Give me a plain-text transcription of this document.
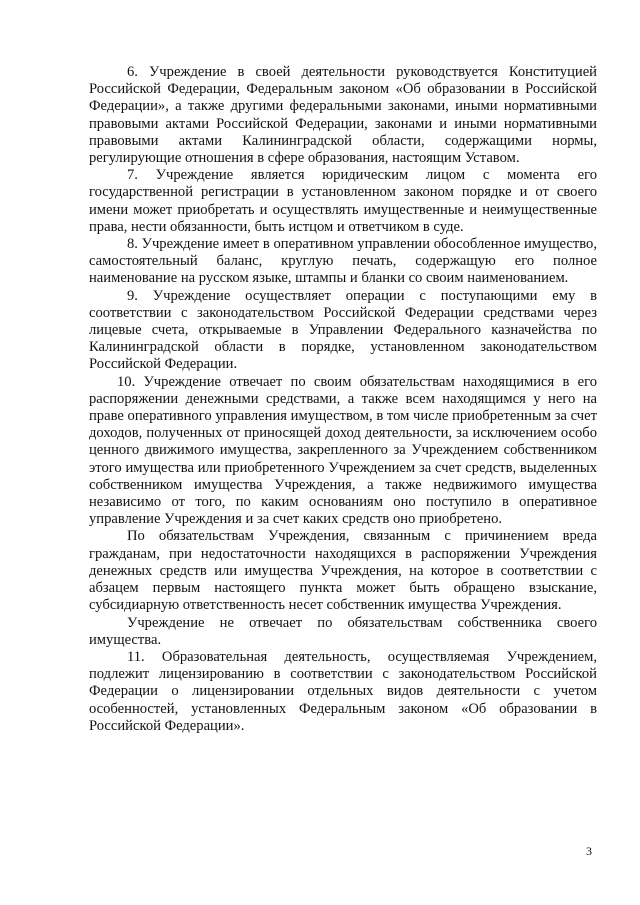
6. Учреждение в своей деятельности руководствуется Конституцией Российской Федерации, Федеральным законом «Об образовании в Российской Федерации», а также другими федеральными законами, иными нормативными правовыми актами Российской Федерации, законами и иными нормативными правовыми актами Калининградской области, содержащими нормы, регулирующие отношения в сфере образования, настоящим Уставом.

7. Учреждение является юридическим лицом с момента его государственной регистрации в установленном законом порядке и от своего имени может приобретать и осуществлять имущественные и неимущественные права, нести обязанности, быть истцом и ответчиком в суде.

8. Учреждение имеет в оперативном управлении обособленное имущество, самостоятельный баланс, круглую печать, содержащую его полное наименование на русском языке, штампы и бланки со своим наименованием.

9. Учреждение осуществляет операции с поступающими ему в соответствии с законодательством Российской Федерации средствами через лицевые счета, открываемые в Управлении Федерального казначейства по Калининградской области в порядке, установленном законодательством Российской Федерации.

10. Учреждение отвечает по своим обязательствам находящимися в его распоряжении денежными средствами, а также всем находящимся у него на праве оперативного управления имуществом, в том числе приобретенным за счет доходов, полученных от приносящей доход деятельности, за исключением особо ценного движимого имущества, закрепленного за Учреждением собственником этого имущества или приобретенного Учреждением за счет средств, выделенных собственником имущества Учреждения, а также недвижимого имущества независимо от того, по каким основаниям оно поступило в оперативное управление Учреждения и за счет каких средств оно приобретено.

По обязательствам Учреждения, связанным с причинением вреда гражданам, при недостаточности находящихся в распоряжении Учреждения денежных средств или имущества Учреждения, на которое в соответствии с абзацем первым настоящего пункта может быть обращено взыскание, субсидиарную ответственность несет собственник имущества Учреждения.

Учреждение не отвечает по обязательствам собственника своего имущества.

11. Образовательная деятельность, осуществляемая Учреждением, подлежит лицензированию в соответствии с законодательством Российской Федерации о лицензировании отдельных видов деятельности с учетом особенностей, установленных Федеральным законом «Об образовании в Российской Федерации».

3
